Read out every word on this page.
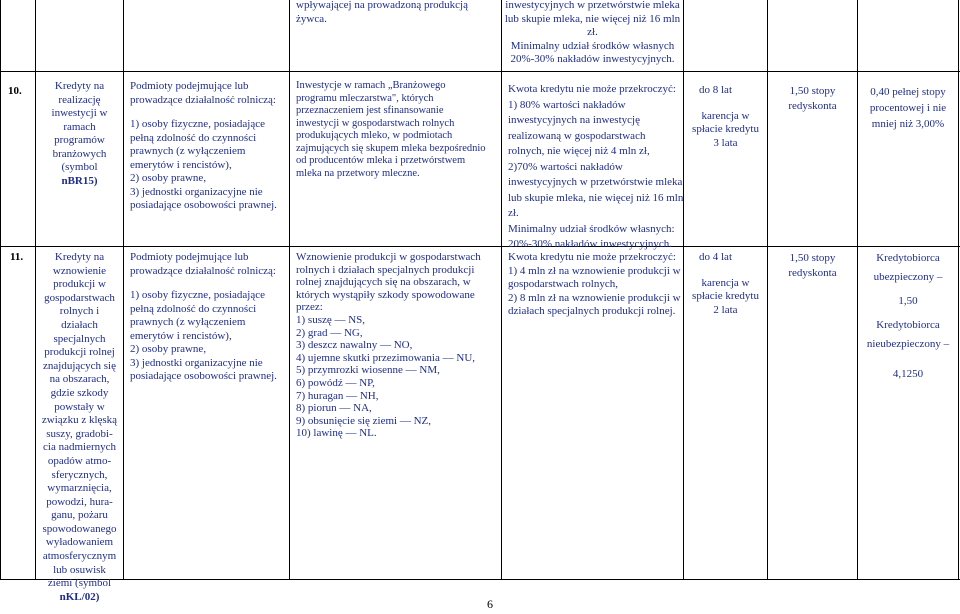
wpływającej na prowadzoną produkcją
żywca.
inwestycyjnych w przetwórstwie mleka
lub skupie mleka, nie więcej niż 16 mln
zł.
Minimalny udział środków własnych
20%-30% nakładów inwestycyjnych.
10.	Kredyty na
realizację
inwestycji w
ramach
programów
branżowych
(symbol
nBR15)
Podmioty podejmujące lub
prowadzące działalność rolniczą:
1) osoby fizyczne, posiadające
pełną zdolność do czynności
prawnych (z wyłączeniem
emerytów i rencistów),
2) osoby prawne,
3) jednostki organizacyjne nie
posiadające osobowości prawnej.
Inwestycje w ramach „Branżowego
programu mleczarstwa", których
przeznaczeniem jest sfinansowanie
inwestycji w gospodarstwach rolnych
produkujących mleko, w podmiotach
zajmujących się skupem mleka bezpośrednio
od producentów mleka i przetwórstwem
mleka na przetwory mleczne.
Kwota kredytu nie może przekroczyć:
1) 80% wartości nakładów
inwestycyjnych na inwestycję
realizowaną w gospodarstwach
rolnych, nie więcej niż 4 mln zł,
2)70% wartości nakładów
inwestycyjnych w przetwórstwie mleka
lub skupie mleka, nie więcej niż 16 mln
zł.
Minimalny udział środków własnych:
20%-30% nakładów inwestycyjnych.
do 8 lat
karencja w
spłacie kredytu
3 lata
1,50 stopy
redyskonta
0,40 pełnej stopy
procentowej i nie
mniej niż 3,00%
11.	Kredyty na
wznowienie
produkcji w
gospodarstwach
rolnych i
działach
specjalnych
produkcji rolnej
znajdujących się
na obszarach,
gdzie szkody
powstały w
związku z klęską
suszy, gradobi-
cia nadmiernych
opadów atmo-
sferycznych,
wymarznięcia,
powodzi, hura-
ganu, pożaru
spowodowanego
wyładowaniem
atmosferycznym
lub osuwisk
ziemi (symbol
nKL/02)
Podmioty podejmujące lub
prowadzące działalność rolniczą:
1) osoby fizyczne, posiadające
pełną zdolność do czynności
prawnych (z wyłączeniem
emerytów i rencistów),
2) osoby prawne,
3) jednostki organizacyjne nie
posiadające osobowości prawnej.
Wznowienie produkcji w gospodarstwach
rolnych i działach specjalnych produkcji
rolnej znajdujących się na obszarach, w
których wystąpiły szkody spowodowane
przez:
1) suszę — NS,
2) grad — NG,
3) deszcz nawalny — NO,
4) ujemne skutki przezimowania — NU,
5) przymrozki wiosenne — NM,
6) powódź — NP,
7) huragan — NH,
8) piorun — NA,
9) obsunięcie się ziemi — NZ,
10) lawinę — NL.
Kwota kredytu nie może przekroczyć:
1) 4 mln zł na wznowienie produkcji w
gospodarstwach rolnych,
2) 8 mln zł na wznowienie produkcji w
działach specjalnych produkcji rolnej.
do 4 lat
karencja w
spłacie kredytu
2 lata
1,50 stopy
redyskonta
Kredytobiorca
ubezpieczony –
1,50
Kredytobiorca
nieubezpieczony –
4,1250
6
